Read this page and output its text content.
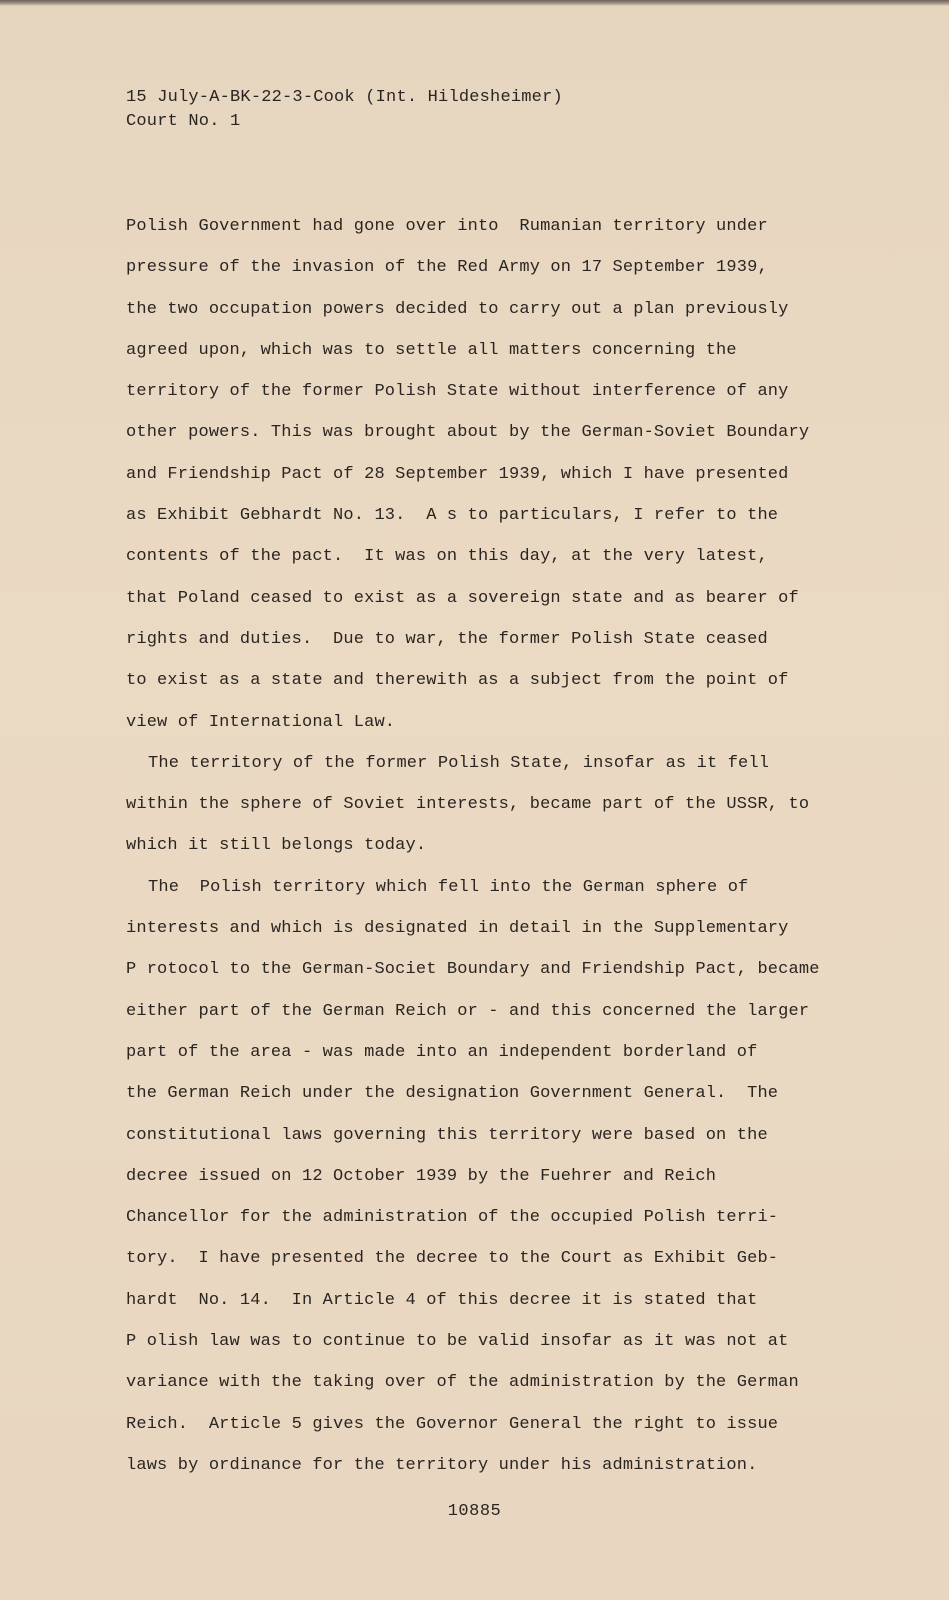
15 July-A-BK-22-3-Cook (Int. Hildesheimer)
Court No. 1
Polish Government had gone over into  Rumanian territory under
pressure of the invasion of the Red Army on 17 September 1939,
the two occupation powers decided to carry out a plan previously
agreed upon, which was to settle all matters concerning the
territory of the former Polish State without interference of any
other powers. This was brought about by the German-Soviet Boundary
and Friendship Pact of 28 September 1939, which I have presented
as Exhibit Gebhardt No. 13.  A s to particulars, I refer to the
contents of the pact.  It was on this day, at the very latest,
that Poland ceased to exist as a sovereign state and as bearer of
rights and duties.  Due to war, the former Polish State ceased
to exist as a state and therewith as a subject from the point of
view of International Law.
The territory of the former Polish State, insofar as it fell
within the sphere of Soviet interests, became part of the USSR, to
which it still belongs today.
The  Polish territory which fell into the German sphere of
interests and which is designated in detail in the Supplementary
P rotocol to the German-Societ Boundary and Friendship Pact, became
either part of the German Reich or - and this concerned the larger
part of the area - was made into an independent borderland of
the German Reich under the designation Government General.  The
constitutional laws governing this territory were based on the
decree issued on 12 October 1939 by the Fuehrer and Reich
Chancellor for the administration of the occupied Polish terri-
tory.  I have presented the decree to the Court as Exhibit Geb-
hardt  No. 14.  In Article 4 of this decree it is stated that
P olish law was to continue to be valid insofar as it was not at
variance with the taking over of the administration by the German
Reich.  Article 5 gives the Governor General the right to issue
laws by ordinance for the territory under his administration.
10885
